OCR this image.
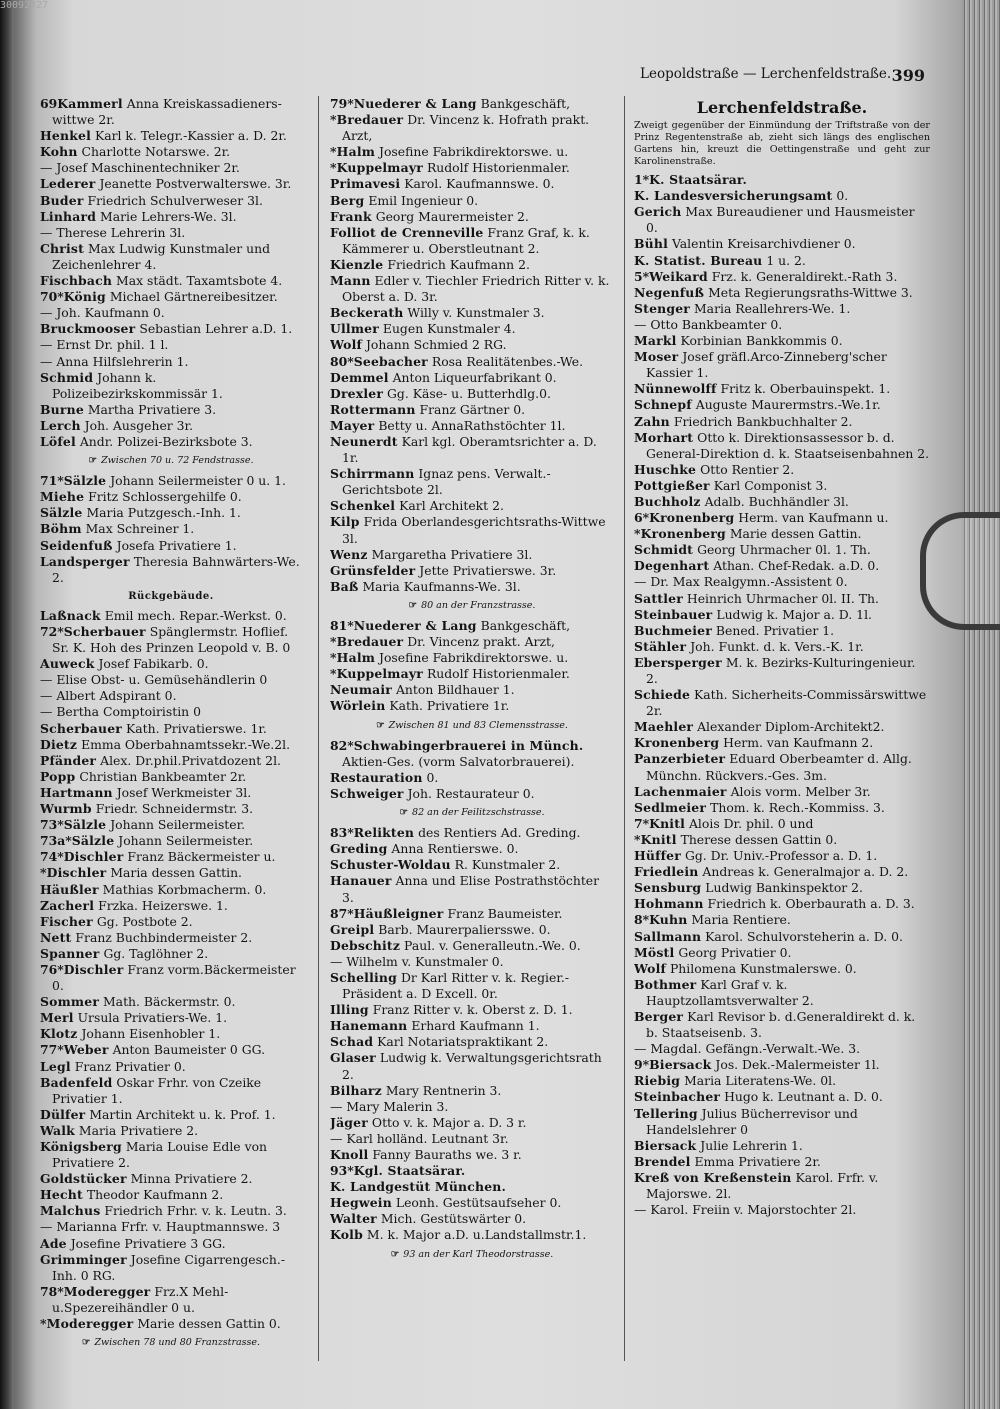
30092427
Leopoldstraße — Lerchenfeldstraße. 399
69Kammerl Anna Kreiskassadieners-wittwe 2r.
Henkel Karl k. Telegr.-Kassier a. D. 2r.
Kohn Charlotte Notarswe. 2r.
— Josef Maschinentechniker 2r.
Lederer Jeanette Postverwalterswe. 3r.
Buder Friedrich Schulverweser 3l.
Linhard Marie Lehrers-We. 3l.
— Therese Lehrerin 3l.
Christ Max Ludwig Kunstmaler und Zeichenlehrer 4.
Fischbach Max städt. Taxamtsbote 4.
70*König Michael Gärtnereibesitzer.
— Joh. Kaufmann 0.
Bruckmooser Sebastian Lehrer a.D. 1.
— Ernst Dr. phil. 1 l.
— Anna Hilfslehrerin 1.
Schmid Johann k. Polizeibezirkskommissär 1.
Burne Martha Privatiere 3.
Lerch Joh. Ausgeher 3r.
Löfel Andr. Polizei-Bezirksbote 3.
☞ Zwischen 70 u. 72 Fendstrasse.
71*Sälzle Johann Seilermeister 0 u. 1.
Miehe Fritz Schlossergehilfe 0.
Sälzle Maria Putzgesch.-Inh. 1.
Böhm Max Schreiner 1.
Seidenfuß Josefa Privatiere 1.
Landsperger Theresia Bahnwärters-We. 2.
Rückgebäude.
Laßnack Emil mech. Repar.-Werkst. 0.
72*Scherbauer Spänglermstr. Hoflief. Sr. K. Hoh des Prinzen Leopold v. B. 0
Auweck Josef Fabikarb. 0.
— Elise Obst- u. Gemüsehändlerin 0
— Albert Adspirant 0.
— Bertha Comptoiristin 0
Scherbauer Kath. Privatierswe. 1r.
Dietz Emma Oberbahnamtssekr.-We.2l.
Pfänder Alex. Dr.phil.Privatdozent 2l.
Popp Christian Bankbeamter 2r.
Hartmann Josef Werkmeister 3l.
Wurmb Friedr. Schneidermstr. 3.
73*Sälzle Johann Seilermeister.
73a*Sälzle Johann Seilermeister.
74*Dischler Franz Bäckermeister u.
*Dischler Maria dessen Gattin.
Häußler Mathias Korbmacherm. 0.
Zacherl Frzka. Heizerswe. 1.
Fischer Gg. Postbote 2.
Nett Franz Buchbindermeister 2.
Spanner Gg. Taglöhner 2.
76*Dischler Franz vorm.Bäckermeister 0.
Sommer Math. Bäckermstr. 0.
Merl Ursula Privatiers-We. 1.
Klotz Johann Eisenhobler 1.
77*Weber Anton Baumeister 0 GG.
Legl Franz Privatier 0.
Badenfeld Oskar Frhr. von Czeike Privatier 1.
Dülfer Martin Architekt u. k. Prof. 1.
Walk Maria Privatiere 2.
Königsberg Maria Louise Edle von Privatiere 2.
Goldstücker Minna Privatiere 2.
Hecht Theodor Kaufmann 2.
Malchus Friedrich Frhr. v. k. Leutn. 3.
— Marianna Frfr. v. Hauptmannswe. 3
Ade Josefine Privatiere 3 GG.
Grimminger Josefine Cigarrengesch.-Inh. 0 RG.
78*Moderegger Frz.X Mehl- u.Spezereihändler 0 u.
*Moderegger Marie dessen Gattin 0.
☞ Zwischen 78 und 80 Franzstrasse.
79*Nuederer & Lang Bankgeschäft,
*Bredauer Dr. Vincenz k. Hofrath prakt. Arzt,
*Halm Josefine Fabrikdirektorswe. u.
*Kuppelmayr Rudolf Historienmaler.
Primavesi Karol. Kaufmannswe. 0.
Berg Emil Ingenieur 0.
Frank Georg Maurermeister 2.
Folliot de Crenneville Franz Graf, k. k. Kämmerer u. Oberstleutnant 2.
Kienzle Friedrich Kaufmann 2.
Mann Edler v. Tiechler Friedrich Ritter v. k. Oberst a. D. 3r.
Beckerath Willy v. Kunstmaler 3.
Ullmer Eugen Kunstmaler 4.
Wolf Johann Schmied 2 RG.
80*Seebacher Rosa Realitätenbes.-We.
Demmel Anton Liqueurfabrikant 0.
Drexler Gg. Käse- u. Butterhdlg.0.
Rottermann Franz Gärtner 0.
Mayer Betty u. AnnaRathstöchter 1l.
Neunerdt Karl kgl. Oberamtsrichter a. D. 1r.
Schirrmann Ignaz pens. Verwalt.-Gerichtsbote 2l.
Schenkel Karl Architekt 2.
Kilp Frida Oberlandesgerichtsraths-Wittwe 3l.
Wenz Margaretha Privatiere 3l.
Grünsfelder Jette Privatierswe. 3r.
Baß Maria Kaufmanns-We. 3l.
☞ 80 an der Franzstrasse.
81*Nuederer & Lang Bankgeschäft,
*Bredauer Dr. Vincenz prakt. Arzt,
*Halm Josefine Fabrikdirektorswe. u.
*Kuppelmayr Rudolf Historienmaler.
Neumair Anton Bildhauer 1.
Wörlein Kath. Privatiere 1r.
☞ Zwischen 81 und 83 Clemensstrasse.
82*Schwabingerbrauerei in Münch. Aktien-Ges. (vorm Salvatorbrauerei).
Restauration 0.
Schweiger Joh. Restaurateur 0.
☞ 82 an der Feilitzschstrasse.
83*Relikten des Rentiers Ad. Greding.
Greding Anna Rentierswe. 0.
Schuster-Woldau R. Kunstmaler 2.
Hanauer Anna und Elise Postrathstöchter 3.
87*Häußleigner Franz Baumeister.
Greipl Barb. Maurerpaliersswe. 0.
Debschitz Paul. v. Generalleutn.-We. 0.
— Wilhelm v. Kunstmaler 0.
Schelling Dr Karl Ritter v. k. Regier.-Präsident a. D Excell. 0r.
Illing Franz Ritter v. k. Oberst z. D. 1.
Hanemann Erhard Kaufmann 1.
Schad Karl Notariatspraktikant 2.
Glaser Ludwig k. Verwaltungsgerichtsrath 2.
Bilharz Mary Rentnerin 3.
— Mary Malerin 3.
Jäger Otto v. k. Major a. D. 3 r.
— Karl holländ. Leutnant 3r.
Knoll Fanny Bauraths we. 3 r.
93*Kgl. Staatsärar.
K. Landgestüt München.
Hegwein Leonh. Gestütsaufseher 0.
Walter Mich. Gestütswärter 0.
Kolb M. k. Major a.D. u.Landstallmstr.1.
☞ 93 an der Karl Theodorstrasse.
Lerchenfeldstraße.
Zweigt gegenüber der Einmündung der Triftstraße von der Prinz Regentenstraße ab, zieht sich längs des englischen Gartens hin, kreuzt die Oettingenstraße und geht zur Karolinenstraße.
1*K. Staatsärar.
K. Landesversicherungsamt 0.
Gerich Max Bureaudiener und Hausmeister 0.
Bühl Valentin Kreisarchivdiener 0.
K. Statist. Bureau 1 u. 2.
5*Weikard Frz. k. Generaldirekt.-Rath 3.
Negenfuß Meta Regierungsraths-Wittwe 3.
Stenger Maria Reallehrers-We. 1.
— Otto Bankbeamter 0.
Markl Korbinian Bankkommis 0.
Moser Josef gräfl.Arco-Zinneberg'scher Kassier 1.
Nünnewolff Fritz k. Oberbauinspekt. 1.
Schnepf Auguste Maurermstrs.-We.1r.
Zahn Friedrich Bankbuchhalter 2.
Morhart Otto k. Direktionsassessor b. d. General-Direktion d. k. Staatseisenbahnen 2.
Huschke Otto Rentier 2.
Pottgießer Karl Componist 3.
Buchholz Adalb. Buchhändler 3l.
6*Kronenberg Herm. van Kaufmann u.
*Kronenberg Marie dessen Gattin.
Schmidt Georg Uhrmacher 0l. 1. Th.
Degenhart Athan. Chef-Redak. a.D. 0.
— Dr. Max Realgymn.-Assistent 0.
Sattler Heinrich Uhrmacher 0l. II. Th.
Steinbauer Ludwig k. Major a. D. 1l.
Buchmeier Bened. Privatier 1.
Stähler Joh. Funkt. d. k. Vers.-K. 1r.
Ebersperger M. k. Bezirks-Kulturingenieur. 2.
Schiede Kath. Sicherheits-Commissärswittwe 2r.
Maehler Alexander Diplom-Architekt2.
Kronenberg Herm. van Kaufmann 2.
Panzerbieter Eduard Oberbeamter d. Allg. Münchn. Rückvers.-Ges. 3m.
Lachenmaier Alois vorm. Melber 3r.
Sedlmeier Thom. k. Rech.-Kommiss. 3.
7*Knitl Alois Dr. phil. 0 und
*Knitl Therese dessen Gattin 0.
Hüffer Gg. Dr. Univ.-Professor a. D. 1.
Friedlein Andreas k. Generalmajor a. D. 2.
Sensburg Ludwig Bankinspektor 2.
Hohmann Friedrich k. Oberbaurath a. D. 3.
8*Kuhn Maria Rentiere.
Sallmann Karol. Schulvorsteherin a. D. 0.
Möstl Georg Privatier 0.
Wolf Philomena Kunstmalerswe. 0.
Bothmer Karl Graf v. k. Hauptzollamtsverwalter 2.
Berger Karl Revisor b. d.Generaldirekt d. k. b. Staatseisenb. 3.
— Magdal. Gefängn.-Verwalt.-We. 3.
9*Biersack Jos. Dek.-Malermeister 1l.
Riebig Maria Literatens-We. 0l.
Steinbacher Hugo k. Leutnant a. D. 0.
Tellering Julius Bücherrevisor und Handelslehrer 0
Biersack Julie Lehrerin 1.
Brendel Emma Privatiere 2r.
Kreß von Kreßenstein Karol. Frfr. v. Majorswe. 2l.
— Karol. Freiin v. Majorstochter 2l.
